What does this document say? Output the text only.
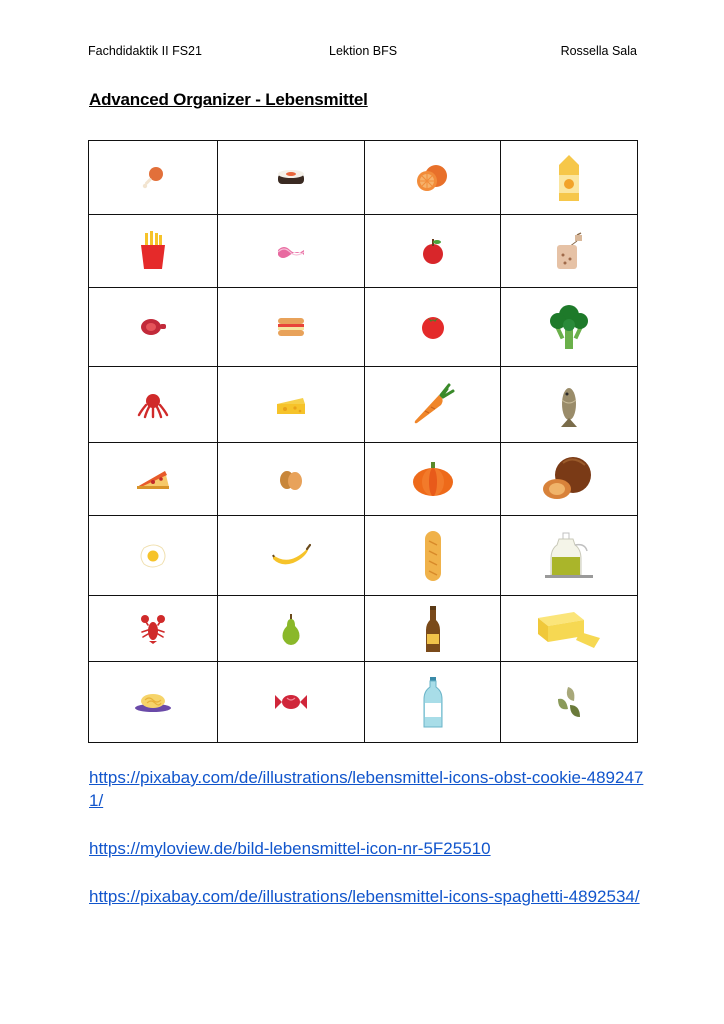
Fachdidaktik II FS21	Lektion BFS	Rossella Sala
Advanced Organizer - Lebensmittel

https://pixabay.com/de/illustrations/lebensmittel-icons-obst-cookie-4892471/
https://myloview.de/bild-lebensmittel-icon-nr-5F25510
https://pixabay.com/de/illustrations/lebensmittel-icons-spaghetti-4892534/
